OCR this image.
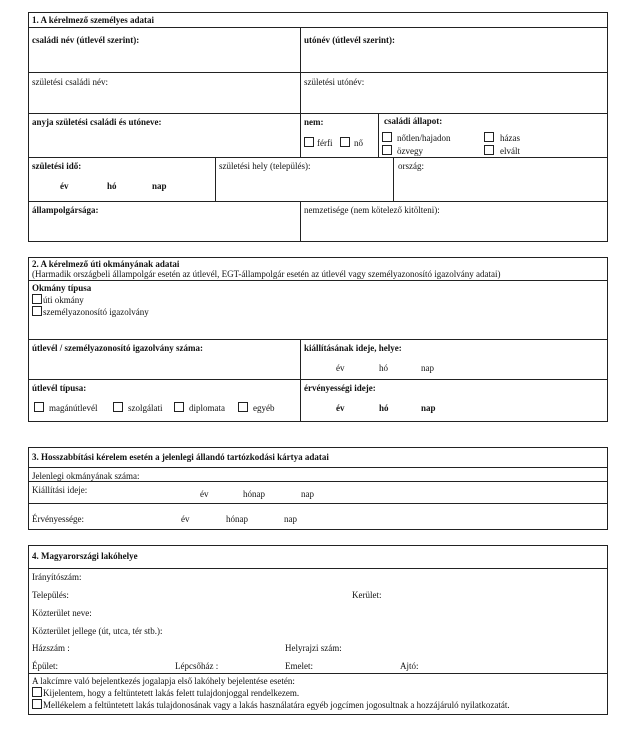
1. A kérelmező személyes adatai
családi név (útlevél szerint):	utónév (útlevél szerint):
születési családi név:	születési utónév:
anyja születési családi és utóneve:	nem:
férfi nő
családi állapot:
nőtlen/hajadon	házas
özvegy	elvált
születési idő:
év	hó	nap
születési hely (település):	ország:
állampolgársága:	nemzetisége (nem kötelező kitölteni):
2. A kérelmező úti okmányának adatai
(Harmadik országbeli állampolgár esetén az útlevél, EGT-állampolgár esetén az útlevél vagy személyazonosító igazolvány adatai)
Okmány típusa
úti okmány
személyazonosító igazolvány
útlevél / személyazonosító igazolvány száma:	kiállításának ideje, helye:
év	hó	nap
útlevél típusa:
magánútlevél	szolgálati	diplomata	egyéb
érvényességi ideje:
év	hó	nap
3. Hosszabbítási kérelem esetén a jelenlegi állandó tartózkodási kártya adatai
Jelenlegi okmányának száma:
Kiállítási ideje:	év	hónap	nap
Érvényessége:	év	hónap	nap
4. Magyarországi lakóhelye
Irányítószám:
Település:	Kerület:
Közterület neve:
Közterület jellege (út, utca, tér stb.):
Házszám :	Helyrajzi szám:
Épület:	Lépcsőház :	Emelet:	Ajtó:
A lakcímre való bejelentkezés jogalapja első lakóhely bejelentése esetén:
Kijelentem, hogy a feltüntetett lakás felett tulajdonjoggal rendelkezem.
Mellékelem a feltüntetett lakás tulajdonosának vagy a lakás használatára egyéb jogcímen jogosultnak a hozzájáruló nyilatkozatát.
